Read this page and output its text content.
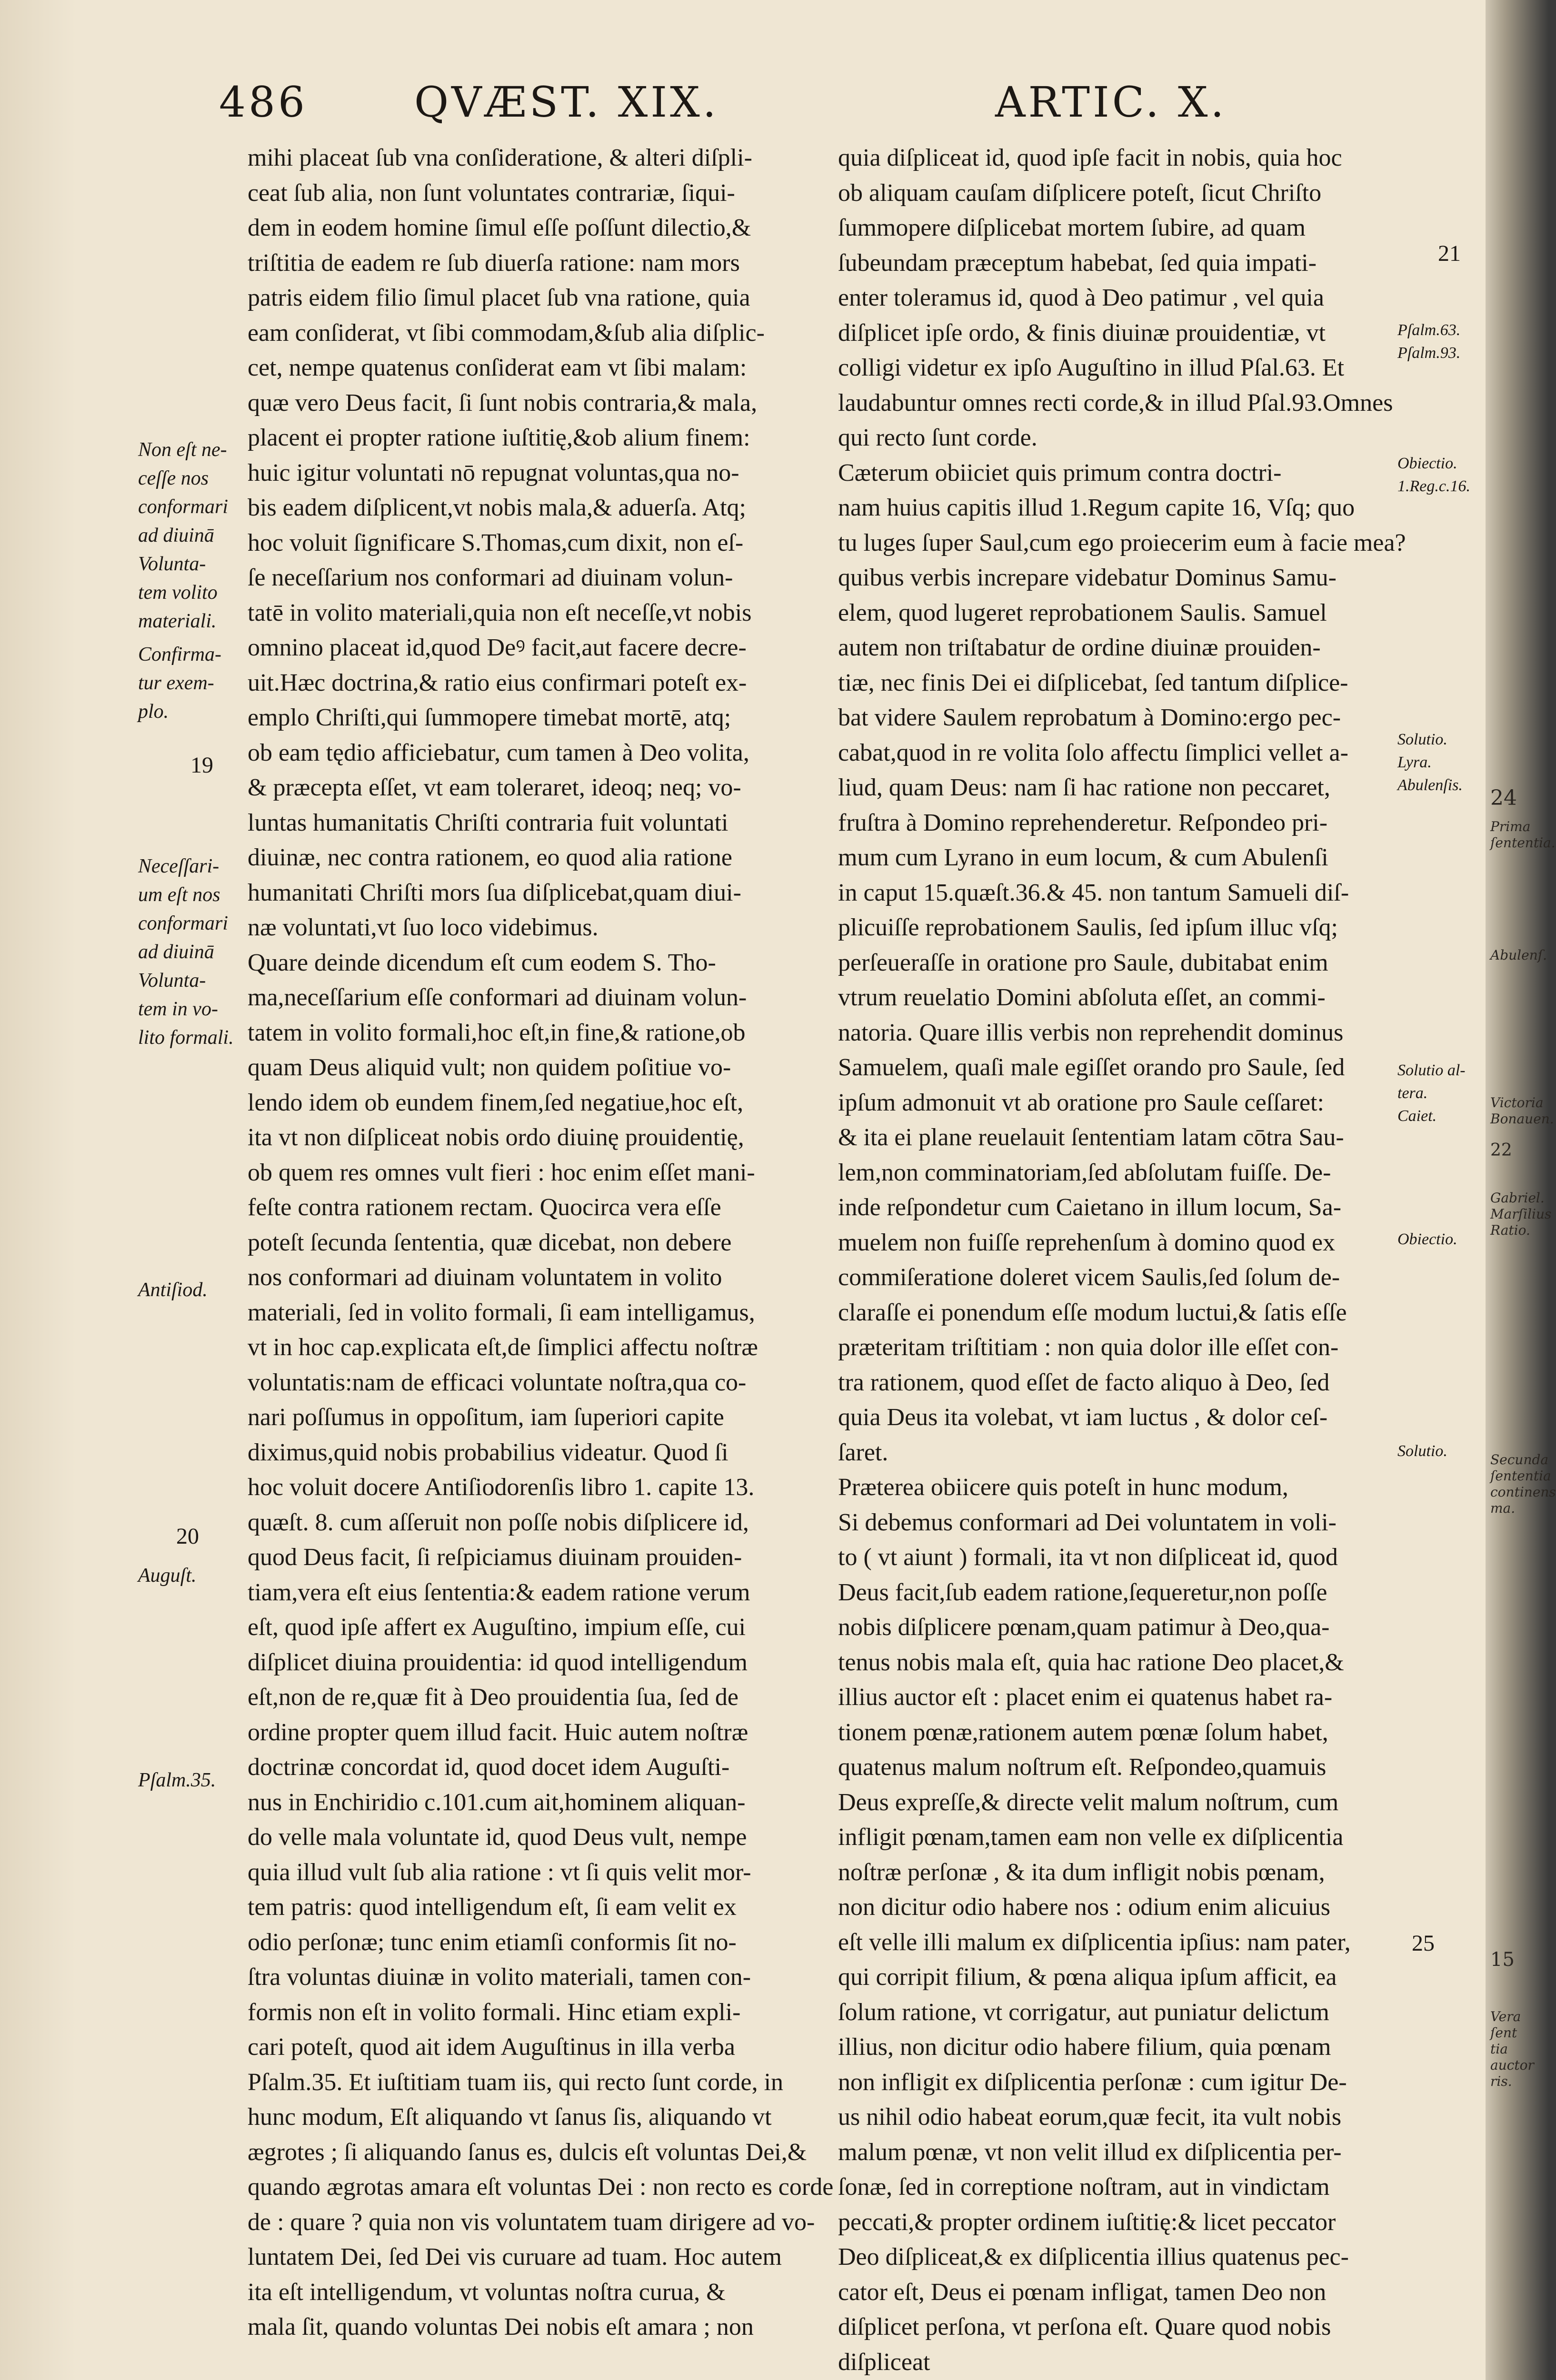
486	QVÆST. XIX.	ARTIC. X.
mihi placeat ſub vna conſideratione, & alteri diſpli-
ceat ſub alia, non ſunt voluntates contrariæ, ſiqui-
dem in eodem homine ſimul eſſe poſſunt dilectio,&
triſtitia de eadem re ſub diuerſa ratione: nam mors
patris eidem filio ſimul placet ſub vna ratione, quia
eam conſiderat, vt ſibi commodam,&ſub alia diſplic-
cet, nempe quatenus conſiderat eam vt ſibi malam:
quæ vero Deus facit, ſi ſunt nobis contraria,& mala,
placent ei propter ratione iuſtitię,&ob alium finem:
huic igitur voluntati nō repugnat voluntas,qua no-
bis eadem diſplicent,vt nobis mala,& aduerſa. Atq;
hoc voluit ſignificare S.Thomas,cum dixit, non eſ-
ſe neceſſarium nos conformari ad diuinam volun-
tatē in volito materiali,quia non eſt neceſſe,vt nobis
omnino placeat id,quod Deꝰ facit,aut facere decre-
uit.Hæc doctrina,& ratio eius confirmari poteſt ex-
emplo Chriſti,qui ſummopere timebat mortē, atq;
ob eam tędio afficiebatur, cum tamen à Deo volita,
& præcepta eſſet, vt eam toleraret, ideoq; neq; vo-
luntas humanitatis Chriſti contraria fuit voluntati
diuinæ, nec contra rationem, eo quod alia ratione
humanitati Chriſti mors ſua diſplicebat,quam diui-
næ voluntati,vt ſuo loco videbimus.
Quare deinde dicendum eſt cum eodem S. Tho-
ma,neceſſarium eſſe conformari ad diuinam volun-
tatem in volito formali,hoc eſt,in fine,& ratione,ob
quam Deus aliquid vult; non quidem poſitiue vo-
lendo idem ob eundem finem,ſed negatiue,hoc eſt,
ita vt non diſpliceat nobis ordo diuinę prouidentię,
ob quem res omnes vult fieri : hoc enim eſſet mani-
feſte contra rationem rectam. Quocirca vera eſſe
poteſt ſecunda ſententia, quæ dicebat, non debere
nos conformari ad diuinam voluntatem in volito
materiali, ſed in volito formali, ſi eam intelligamus,
vt in hoc cap.explicata eſt,de ſimplici affectu noſtræ
voluntatis:nam de efficaci voluntate noſtra,qua co-
nari poſſumus in oppoſitum, iam ſuperiori capite
diximus,quid nobis probabilius videatur. Quod ſi
hoc voluit docere Antiſiodorenſis libro 1. capite 13.
quæſt. 8. cum aſſeruit non poſſe nobis diſplicere id,
quod Deus facit, ſi reſpiciamus diuinam prouiden-
tiam,vera eſt eius ſententia:& eadem ratione verum
eſt, quod ipſe affert ex Auguſtino, impium eſſe, cui
diſplicet diuina prouidentia: id quod intelligendum
eſt,non de re,quæ fit à Deo prouidentia ſua, ſed de
ordine propter quem illud facit. Huic autem noſtræ
doctrinæ concordat id, quod docet idem Auguſti-
nus in Enchiridio c.101.cum ait,hominem aliquan-
do velle mala voluntate id, quod Deus vult, nempe
quia illud vult ſub alia ratione : vt ſi quis velit mor-
tem patris: quod intelligendum eſt, ſi eam velit ex
odio perſonæ; tunc enim etiamſi conformis ſit no-
ſtra voluntas diuinæ in volito materiali, tamen con-
formis non eſt in volito formali. Hinc etiam expli-
cari poteſt, quod ait idem Auguſtinus in illa verba
Pſalm.35. Et iuſtitiam tuam iis, qui recto ſunt corde, in
hunc modum, Eſt aliquando vt ſanus ſis, aliquando vt
ægrotes ; ſi aliquando ſanus es, dulcis eſt voluntas Dei,&
quando ægrotas amara eſt voluntas Dei : non recto es corde
de : quare ? quia non vis voluntatem tuam dirigere ad vo-
luntatem Dei, ſed Dei vis curuare ad tuam. Hoc autem
ita eſt intelligendum, vt voluntas noſtra curua, &
mala ſit, quando voluntas Dei nobis eſt amara ; non
quia diſpliceat id, quod ipſe facit in nobis, quia hoc
ob aliquam cauſam diſplicere poteſt, ſicut Chriſto
ſummopere diſplicebat mortem ſubire, ad quam
ſubeundam præceptum habebat, ſed quia impati-
enter toleramus id, quod à Deo patimur , vel quia
diſplicet ipſe ordo, & finis diuinæ prouidentiæ, vt
colligi videtur ex ipſo Auguſtino in illud Pſal.63. Et
laudabuntur omnes recti corde,& in illud Pſal.93.Omnes
qui recto ſunt corde.
Cæterum obiiciet quis primum contra doctri-
nam huius capitis illud 1.Regum capite 16, Vſq; quo
tu luges ſuper Saul,cum ego proiecerim eum à facie mea?
quibus verbis increpare videbatur Dominus Samu-
elem, quod lugeret reprobationem Saulis. Samuel
autem non triſtabatur de ordine diuinæ prouiden-
tiæ, nec finis Dei ei diſplicebat, ſed tantum diſplice-
bat videre Saulem reprobatum à Domino:ergo pec-
cabat,quod in re volita ſolo affectu ſimplici vellet a-
liud, quam Deus: nam ſi hac ratione non peccaret,
fruſtra à Domino reprehenderetur. Reſpondeo pri-
mum cum Lyrano in eum locum, & cum Abulenſi
in caput 15.quæſt.36.& 45. non tantum Samueli diſ-
plicuiſſe reprobationem Saulis, ſed ipſum illuc vſq;
perſeueraſſe in oratione pro Saule, dubitabat enim
vtrum reuelatio Domini abſoluta eſſet, an commi-
natoria. Quare illis verbis non reprehendit dominus
Samuelem, quaſi male egiſſet orando pro Saule, ſed
ipſum admonuit vt ab oratione pro Saule ceſſaret:
& ita ei plane reuelauit ſententiam latam cōtra Sau-
lem,non comminatoriam,ſed abſolutam fuiſſe. De-
inde reſpondetur cum Caietano in illum locum, Sa-
muelem non fuiſſe reprehenſum à domino quod ex
commiſeratione doleret vicem Saulis,ſed ſolum de-
claraſſe ei ponendum eſſe modum luctui,& ſatis eſſe
præteritam triſtitiam : non quia dolor ille eſſet con-
tra rationem, quod eſſet de facto aliquo à Deo, ſed
quia Deus ita volebat, vt iam luctus , & dolor ceſ-
ſaret.
Præterea obiicere quis poteſt in hunc modum,
Si debemus conformari ad Dei voluntatem in voli-
to ( vt aiunt ) formali, ita vt non diſpliceat id, quod
Deus facit,ſub eadem ratione,ſequeretur,non poſſe
nobis diſplicere pœnam,quam patimur à Deo,qua-
tenus nobis mala eſt, quia hac ratione Deo placet,&
illius auctor eſt : placet enim ei quatenus habet ra-
tionem pœnæ,rationem autem pœnæ ſolum habet,
quatenus malum noſtrum eſt. Reſpondeo,quamuis
Deus expreſſe,& directe velit malum noſtrum, cum
infligit pœnam,tamen eam non velle ex diſplicentia
noſtræ perſonæ , & ita dum infligit nobis pœnam,
non dicitur odio habere nos : odium enim alicuius
eſt velle illi malum ex diſplicentia ipſius: nam pater,
qui corripit filium, & pœna aliqua ipſum afficit, ea
ſolum ratione, vt corrigatur, aut puniatur delictum
illius, non dicitur odio habere filium, quia pœnam
non infligit ex diſplicentia perſonæ : cum igitur De-
us nihil odio habeat eorum,quæ fecit, ita vult nobis
malum pœnæ, vt non velit illud ex diſplicentia per-
ſonæ, ſed in correptione noſtram, aut in vindictam
peccati,& propter ordinem iuſtitię:& licet peccator
Deo diſpliceat,& ex diſplicentia illius quatenus pec-
cator eſt, Deus ei pœnam infligat, tamen Deo non
diſplicet perſona, vt perſona eſt. Quare quod nobis
diſpliceat
Non eſt ne-
ceſſe nos
conformari
ad diuinā
Volunta-
tem volito
materiali.
Confirma-
tur exem-
plo.
19
Neceſſari-
um eſt nos
conformari
ad diuinā
Volunta-
tem in vo-
lito formali.
Antiſiod.
20
Auguſt.
Pſalm.35.
21
Pſalm.63.
Pſalm.93.
Obiectio.
1.Reg.c.16.
Solutio.
Lyra.
Abulenſis.
Solutio al-
tera.
Caiet.
Obiectio.
Solutio.
25
24
Prima
ſententia.
Abulenſ.
Victoria
Bonauen.
22
Gabriel.
Marſilius
Ratio.
Secunda
ſententia
continens
ma.
15
Vera ſent
tia auctor
ris.
